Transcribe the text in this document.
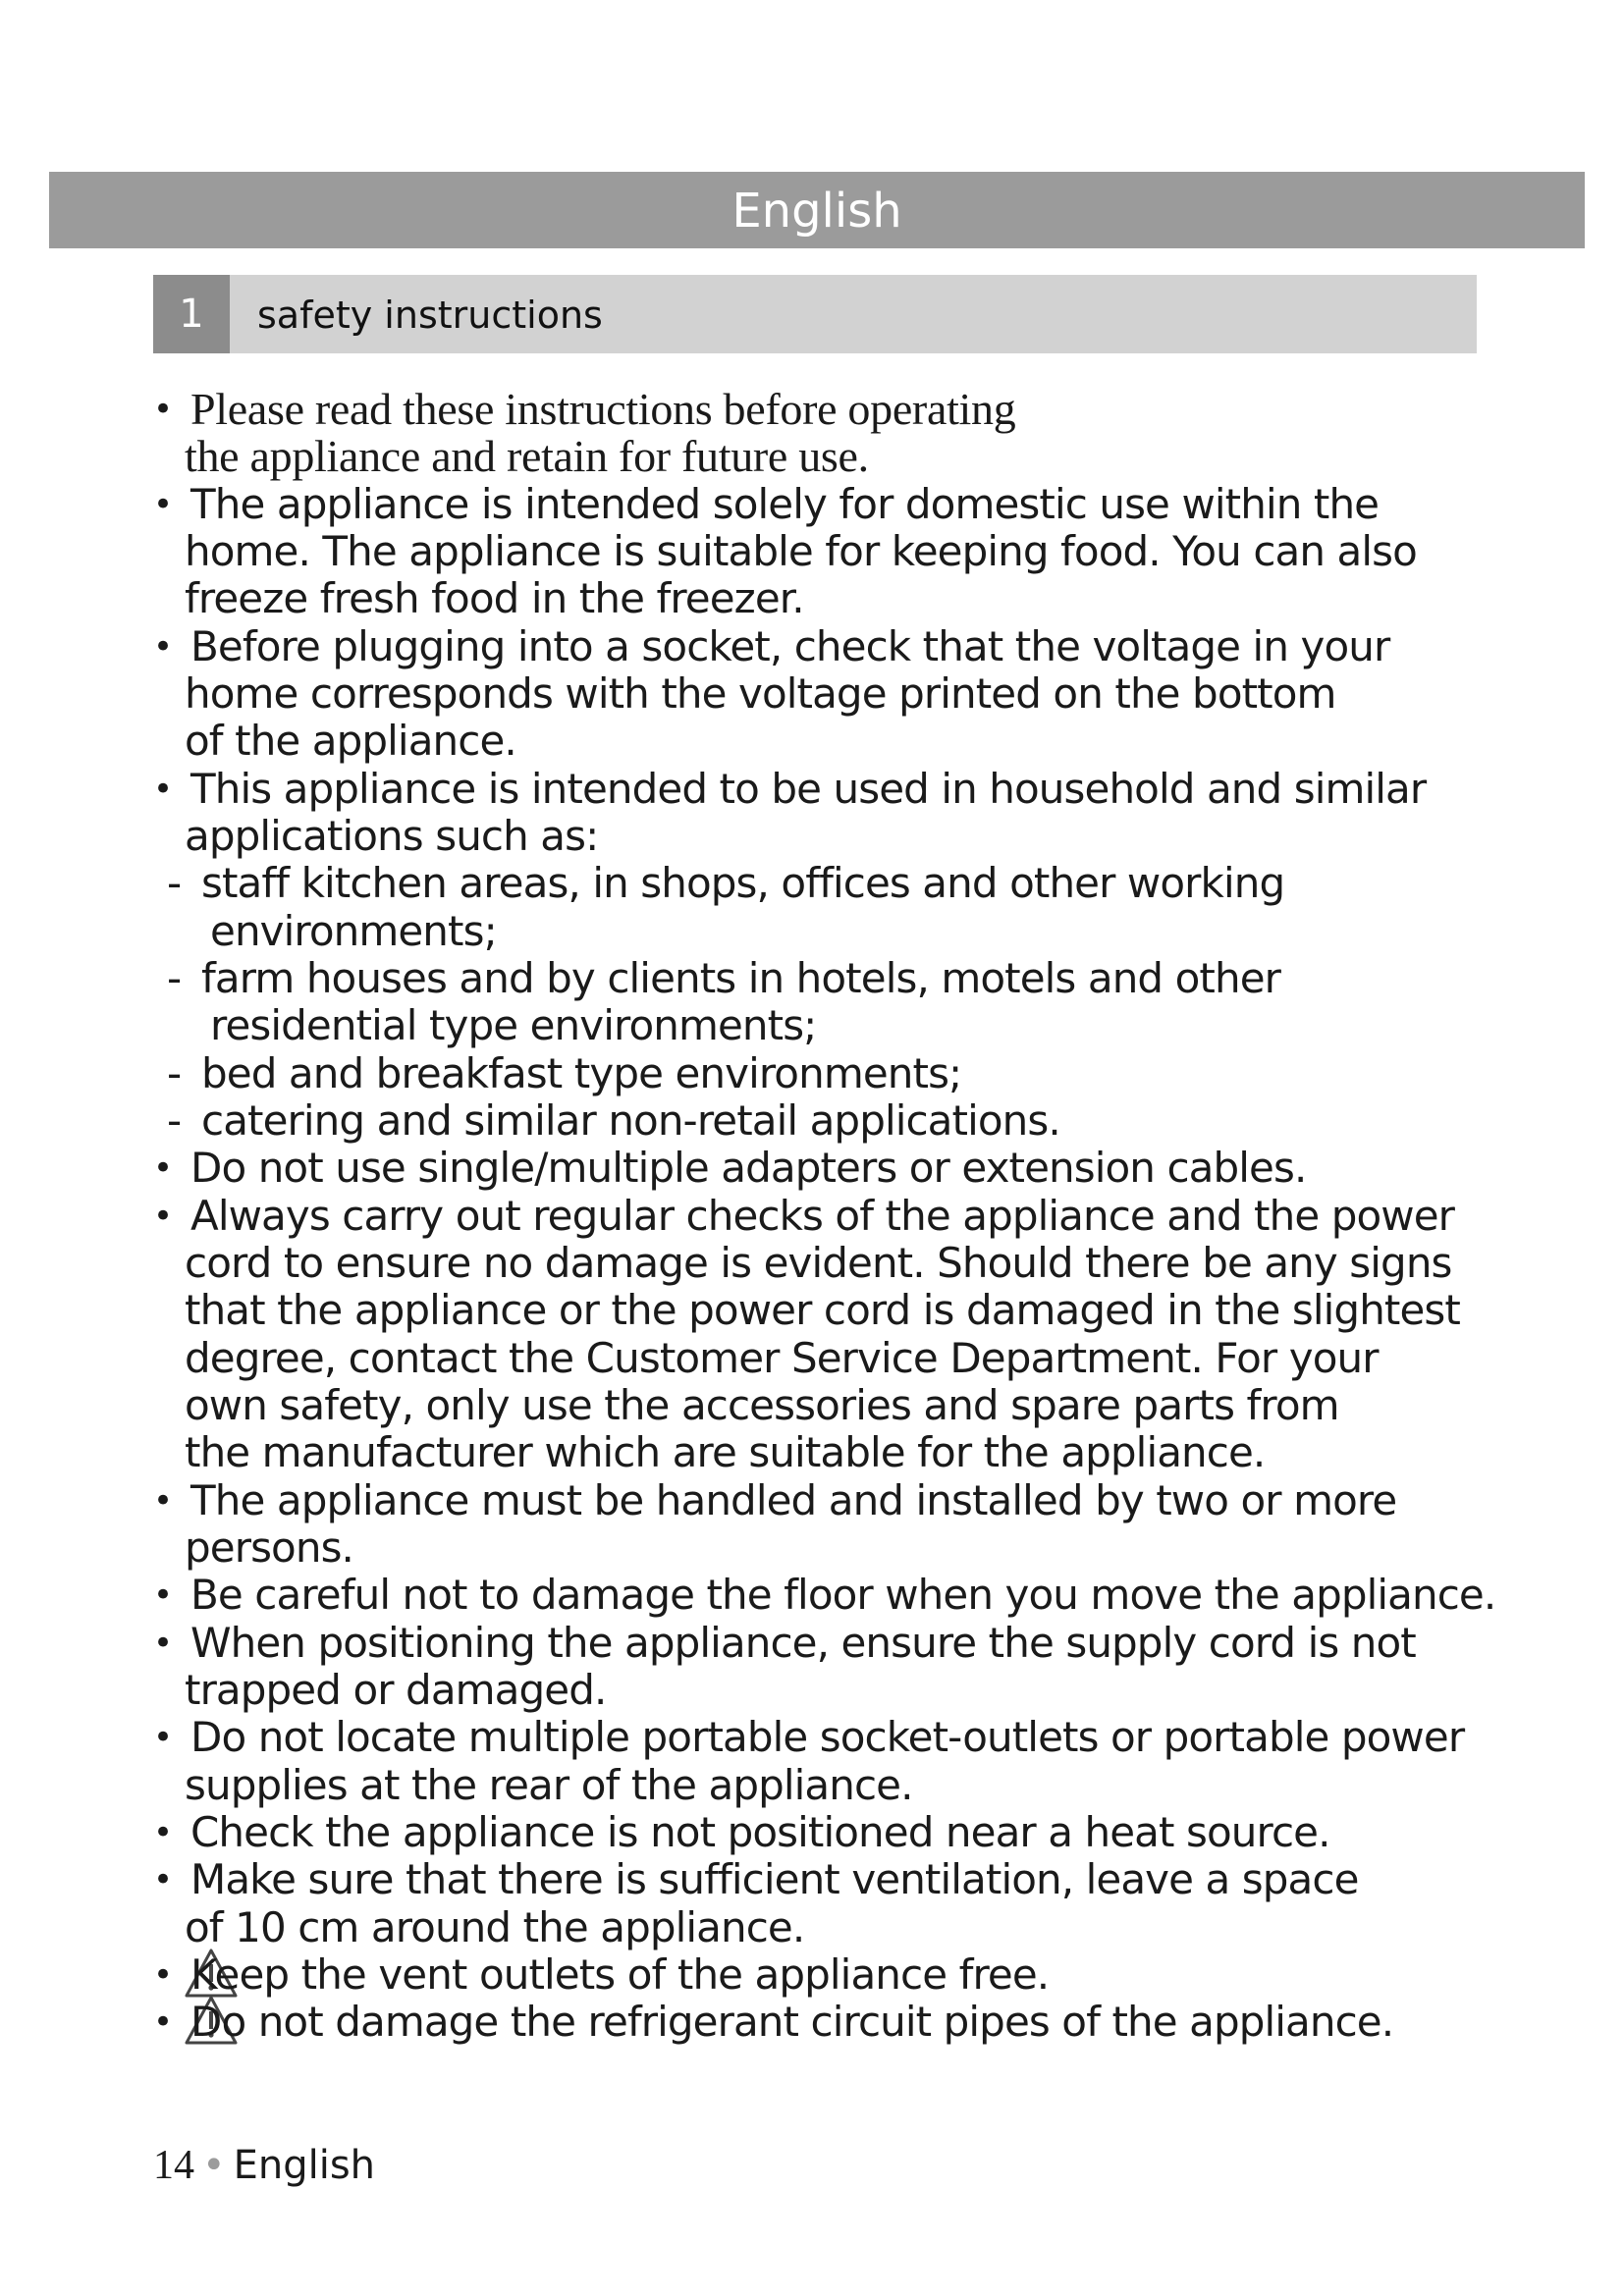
English
1	safety instructions
• Please read these instructions before operating
the appliance and retain for future use.
• The appliance is intended solely for domestic use within the
home. The appliance is suitable for keeping food. You can also
freeze fresh food in the freezer.
• Before plugging into a socket, check that the voltage in your
home corresponds with the voltage printed on the bottom
of the appliance.
• This appliance is intended to be used in household and similar
applications such as:
- staff kitchen areas, in shops, offices and other working
environments;
- farm houses and by clients in hotels, motels and other
residential type environments;
- bed and breakfast type environments;
- catering and similar non-retail applications.
• Do not use single/multiple adapters or extension cables.
• Always carry out regular checks of the appliance and the power
cord to ensure no damage is evident. Should there be any signs
that the appliance or the power cord is damaged in the slightest
degree, contact the Customer Service Department. For your
own safety, only use the accessories and spare parts from
the manufacturer which are suitable for the appliance.
• The appliance must be handled and installed by two or more
persons.
• Be careful not to damage the floor when you move the appliance.
• When positioning the appliance, ensure the supply cord is not
trapped or damaged.
• Do not locate multiple portable socket-outlets or portable power
supplies at the rear of the appliance.
• Check the appliance is not positioned near a heat source.
• Make sure that there is sufficient ventilation, leave a space
of 10 cm around the appliance.
• Keep the vent outlets of the appliance free.
• Do not damage the refrigerant circuit pipes of the appliance.
14 • English
